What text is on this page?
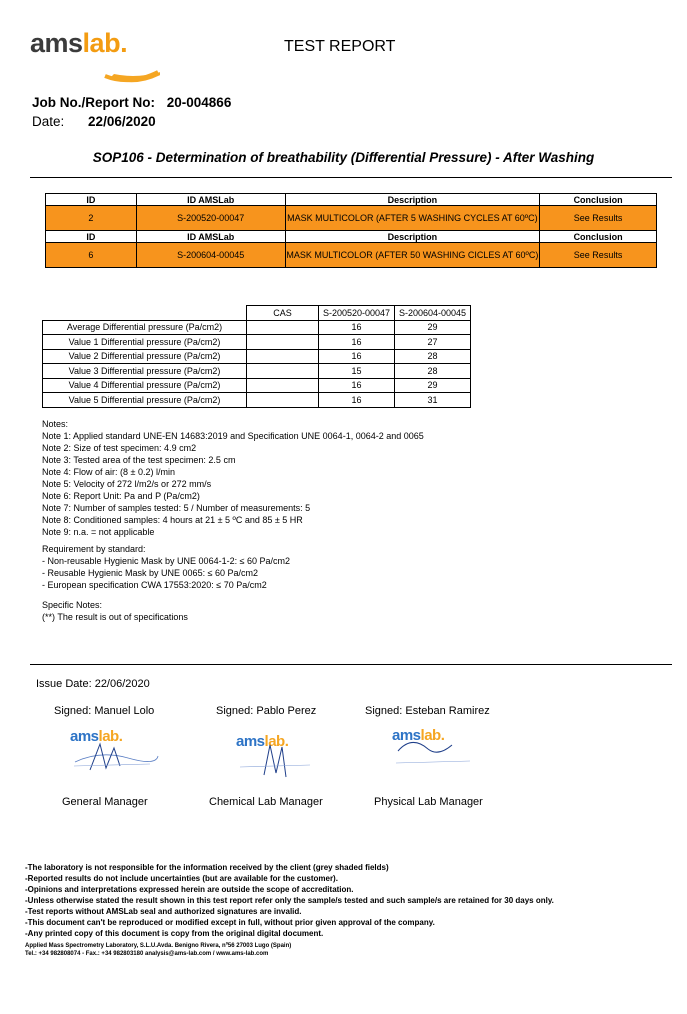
amslab.	TEST REPORT
Job No./Report No: 20-004866
Date: 22/06/2020
SOP106 - Determination of breathability (Differential Pressure) - After Washing
ID	ID AMSLab	Description	Conclusion
2	S-200520-00047	MASK MULTICOLOR (AFTER 5 WASHING CYCLES AT 60ºC)	See Results
ID	ID AMSLab	Description	Conclusion
6	S-200604-00045	MASK MULTICOLOR (AFTER 50 WASHING CICLES AT 60ºC)	See Results
	CAS	S-200520-00047	S-200604-00045
Average Differential pressure (Pa/cm2)		16	29
Value 1 Differential pressure (Pa/cm2)		16	27
Value 2 Differential pressure (Pa/cm2)		16	28
Value 3 Differential pressure (Pa/cm2)		15	28
Value 4 Differential pressure (Pa/cm2)		16	29
Value 5 Differential pressure (Pa/cm2)		16	31
Notes:
Note 1: Applied standard UNE-EN 14683:2019 and Specification UNE 0064-1, 0064-2 and 0065
Note 2: Size of test specimen: 4.9 cm2
Note 3: Tested area of the test specimen: 2.5 cm
Note 4: Flow of air: (8 ± 0.2) l/min
Note 5: Velocity of 272 l/m2/s or 272 mm/s
Note 6: Report Unit: Pa and P (Pa/cm2)
Note 7: Number of samples tested: 5 / Number of measurements: 5
Note 8: Conditioned samples: 4 hours at 21 ± 5 ºC and 85 ± 5 HR
Note 9: n.a. = not applicable
Requirement by standard:
- Non-reusable Hygienic Mask by UNE 0064-1-2: ≤ 60 Pa/cm2
- Reusable Hygienic Mask by UNE 0065: ≤ 60 Pa/cm2
- European specification CWA 17553:2020: ≤ 70 Pa/cm2
Specific Notes:
(**) The result is out of specifications
Issue Date: 22/06/2020
Signed: Manuel Lolo	Signed: Pablo Perez	Signed: Esteban Ramirez
amslab.	amslab.	amslab.
General Manager	Chemical Lab Manager	Physical Lab Manager
-The laboratory is not responsible for the information received by the client (grey shaded fields)
-Reported results do not include uncertainties (but are available for the customer).
-Opinions and interpretations expressed herein are outside the scope of accreditation.
-Unless otherwise stated the result shown in this test report refer only the sample/s tested and such sample/s are retained for 30 days only.
-Test reports without AMSLab seal and authorized signatures are invalid.
-This document can't be reproduced or modified except in full, without prior given approval of the company.
-Any printed copy of this document is copy from the original digital document.
Applied Mass Spectrometry Laboratory, S.L.U.Avda. Benigno Rivera, nº56 27003 Lugo (Spain)
Tel.: +34 982808074 - Fax.: +34 982803180 analysis@ams-lab.com / www.ams-lab.com
